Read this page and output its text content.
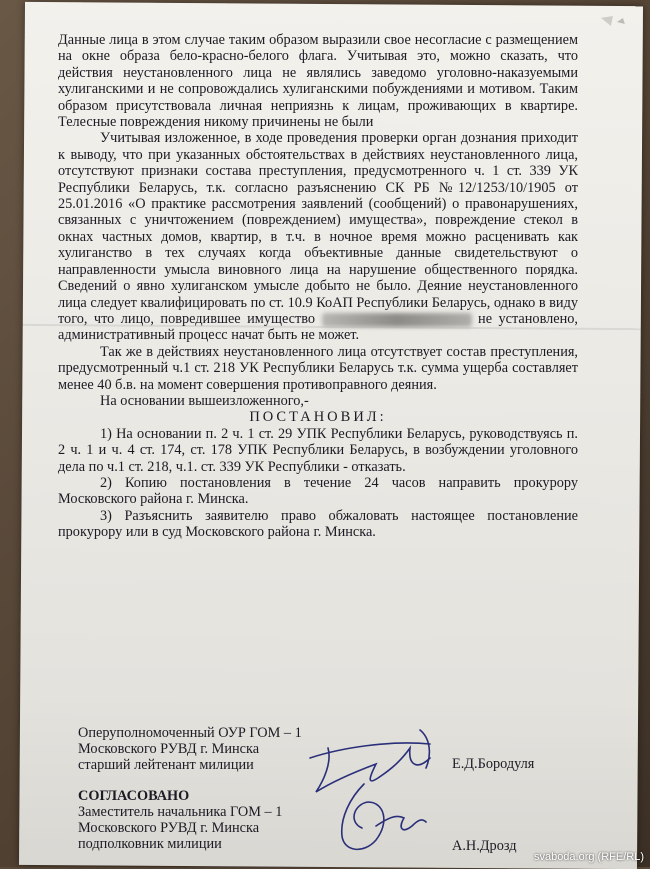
Данные лица в этом случае таким образом выразили свое несогласие с размещением на окне образа бело-красно-белого флага. Учитывая это, можно сказать, что действия неустановленного лица не являлись заведомо уголовно-наказуемыми хулиганскими и не сопровождались хулиганскими побуждениями и мотивом. Таким образом присутствовала личная неприязнь к лицам, проживающих в квартире. Телесные повреждения никому причинены не были

Учитывая изложенное, в ходе проведения проверки орган дознания приходит к выводу, что при указанных обстоятельствах в действиях неустановленного лица, отсутствуют признаки состава преступления, предусмотренного ч. 1 ст. 339 УК Республики Беларусь, т.к. согласно разъяснению СК РБ №12/1253/10/1905 от 25.01.2016 «О практике рассмотрения заявлений (сообщений) о правонарушениях, связанных с уничтожением (повреждением) имущества», повреждение стекол в окнах частных домов, квартир, в т.ч. в ночное время можно расценивать как хулиганство в тех случаях когда объективные данные свидетельствуют о направленности умысла виновного лица на нарушение общественного порядка. Сведений о явно хулиганском умысле добыто не было. Деяние неустановленного лица следует квалифицировать по ст. 10.9 КоАП Республики Беларусь, однако в виду того, что лицо, повредившее имущество	не установлено, административный процесс начат быть не может.

Так же в действиях неустановленного лица отсутствует состав преступления, предусмотренный ч.1 ст. 218 УК Республики Беларусь т.к. сумма ущерба составляет менее 40 б.в. на момент совершения противоправного деяния.

На основании вышеизложенного,-

ПОСТАНОВИЛ:

1) На основании п. 2 ч. 1 ст. 29 УПК Республики Беларусь, руководствуясь п. 2 ч. 1 и ч. 4 ст. 174, ст. 178 УПК Республики Беларусь, в возбуждении уголовного дела по ч.1 ст. 218, ч.1. ст. 339 УК Республики - отказать.

2) Копию постановления в течение 24 часов направить прокурору Московского района г. Минска.

3) Разъяснить заявителю право обжаловать настоящее постановление прокурору или в суд Московского района г. Минска.

Оперуполномоченный ОУР ГОМ – 1
Московского РУВД г. Минска
старший лейтенант милиции	Е.Д.Бородуля
СОГЛАСОВАНО
Заместитель начальника ГОМ – 1
Московского РУВД г. Минска
подполковник милиции	А.Н.Дрозд
svaboda.org (RFE/RL)
